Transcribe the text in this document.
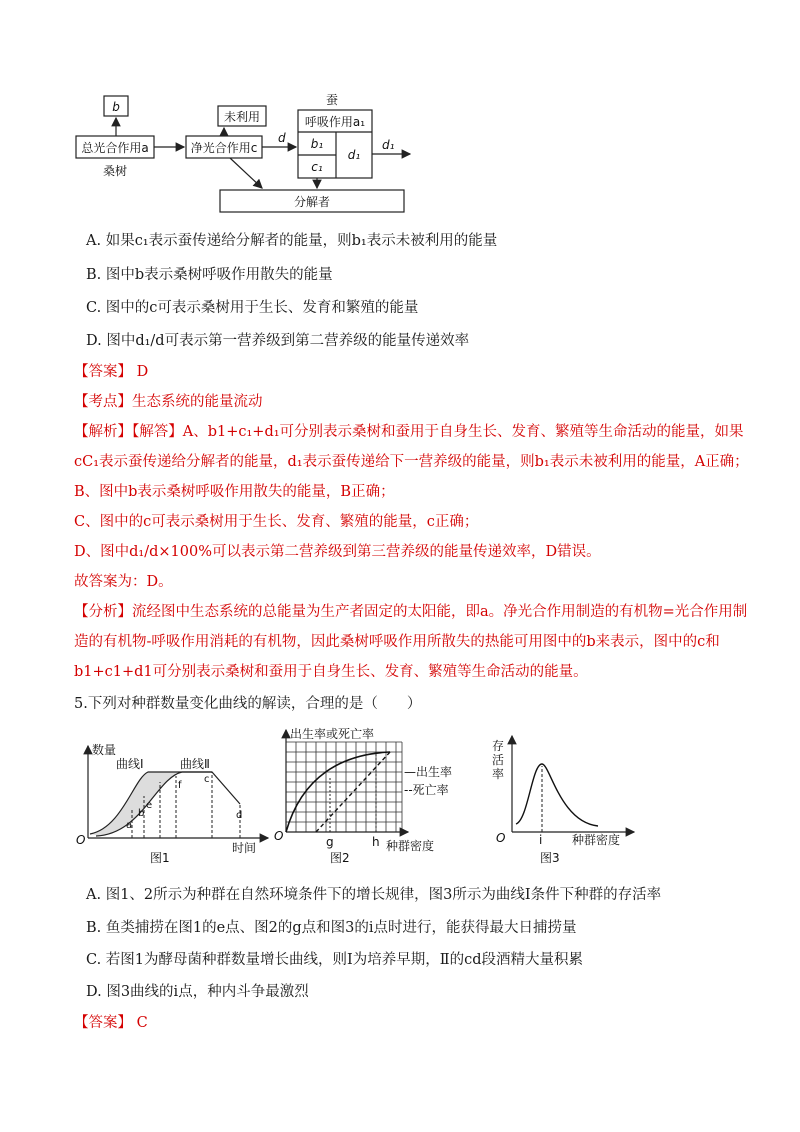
b
总光合作用a
桑树
净光合作用c
未利用
d
蚕
呼吸作用a₁
b₁
c₁
d₁
d₁
分解者
A. 如果c₁表示蚕传递给分解者的能量，则b₁表示未被利用的能量
B. 图中b表示桑树呼吸作用散失的能量
C. 图中的c可表示桑树用于生长、发育和繁殖的能量
D. 图中d₁/d可表示第一营养级到第二营养级的能量传递效率
【答案】 D
【考点】生态系统的能量流动
【解析】【解答】A、b1+c₁+d₁可分别表示桑树和蚕用于自身生长、发育、繁殖等生命活动的能量，如果
cC₁表示蚕传递给分解者的能量，d₁表示蚕传递给下一营养级的能量，则b₁表示未被利用的能量，A正确；
B、图中b表示桑树呼吸作用散失的能量，B正确；
C、图中的c可表示桑树用于生长、发育、繁殖的能量，c正确；
D、图中d₁/d×100%可以表示第二营养级到第三营养级的能量传递效率，D错误。
故答案为：D。
【分析】流经图中生态系统的总能量为生产者固定的太阳能，即a。净光合作用制造的有机物=光合作用制
造的有机物-呼吸作用消耗的有机物，因此桑树呼吸作用所散失的热能可用图中的b来表示，图中的c和
b1+c1+d1可分别表示桑树和蚕用于自身生长、发育、繁殖等生命活动的能量。
5.下列对种群数量变化曲线的解读，合理的是（　　）
数量
曲线Ⅰ	曲线Ⅱ
a
b
e
f
c
d
O
时间
图1
出生率或死亡率
—出生率
--死亡率
O	g	h 种群密度
图2
存
活
率
O	i 种群密度
图3
A. 图1、2所示为种群在自然环境条件下的增长规律，图3所示为曲线Ⅰ条件下种群的存活率
B. 鱼类捕捞在图1的e点、图2的g点和图3的i点时进行，能获得最大日捕捞量
C. 若图1为酵母菌种群数量增长曲线，则Ⅰ为培养早期，Ⅱ的cd段酒精大量积累
D. 图3曲线的i点，种内斗争最激烈
【答案】 C
